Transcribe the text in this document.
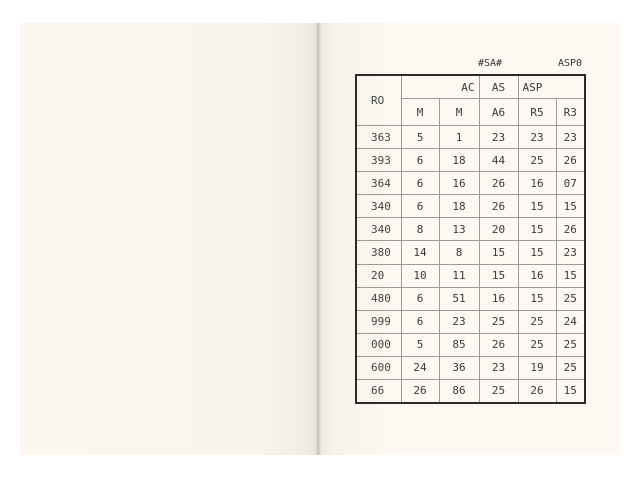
#SA#	ASP0
RO	AC		AS	ASP	
	M	M	A6	R5	R3
363	5	1	23	23	23
393	6	18	44	25	26
364	6	16	26	16	07
340	6	18	26	15	15
340	8	13	20	15	26
380	14	8	15	15	23
20	10	11	15	16	15
480	6	51	16	15	25
999	6	23	25	25	24
000	5	85	26	25	25
600	24	36	23	19	25
66	26	86	25	26	15
